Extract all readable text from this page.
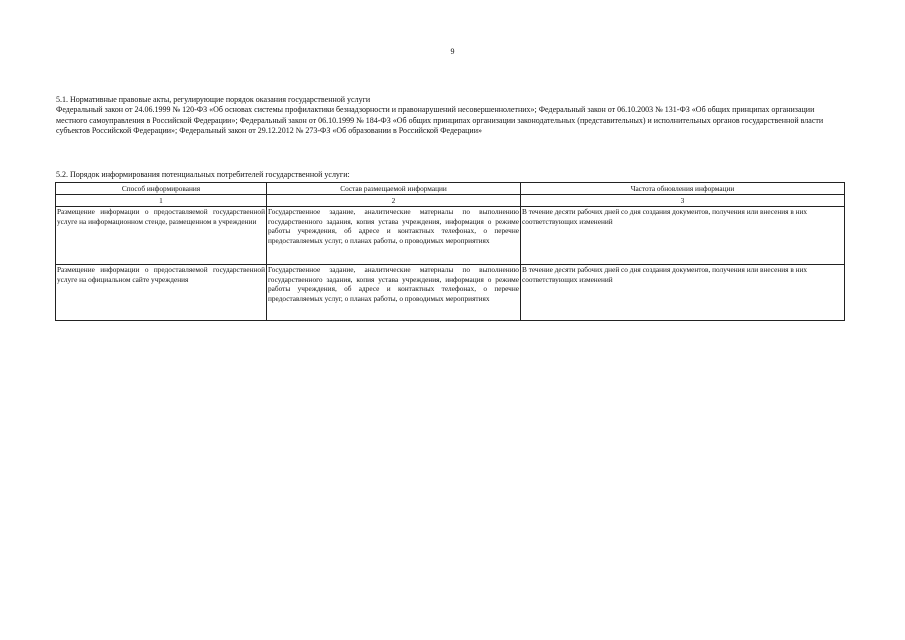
9
5.1. Нормативные правовые акты, регулирующие порядок оказания государственной услуги
Федеральный закон от 24.06.1999 № 120-ФЗ «Об основах системы профилактики безнадзорности и правонарушений несовершеннолетних»; Федеральный закон от 06.10.2003 № 131-ФЗ «Об общих принципах организации местного самоуправления в Российской Федерации»; Федеральный закон от 06.10.1999 № 184-ФЗ «Об общих принципах организации законодательных (представительных) и исполнительных органов государственной власти субъектов Российской Федерации»; Федеральный закон от 29.12.2012 № 273-ФЗ «Об образовании в Российской Федерации»
5.2. Порядок информирования потенциальных потребителей государственной услуги:
Способ информирования	Состав размещаемой информации	Частота обновления информации
1	2	3
Размещение информации о предоставляемой государственной услуге на информационном стенде, размещенном в учреждении	Государственное задание, аналитические материалы по выполнению государственного задания, копия устава учреждения, информация о режиме работы учреждения, об адресе и контактных телефонах, о перечне предоставляемых услуг, о планах работы, о проводимых мероприятиях	В течение десяти рабочих дней со дня создания документов, получения или внесения в них соответствующих изменений
Размещение информации о предоставляемой государственной услуге на официальном сайте учреждения	Государственное задание, аналитические материалы по выполнению государственного задания, копия устава учреждения, информация о режиме работы учреждения, об адресе и контактных телефонах, о перечне предоставляемых услуг, о планах работы, о проводимых мероприятиях	В течение десяти рабочих дней со дня создания документов, получения или внесения в них соответствующих изменений
